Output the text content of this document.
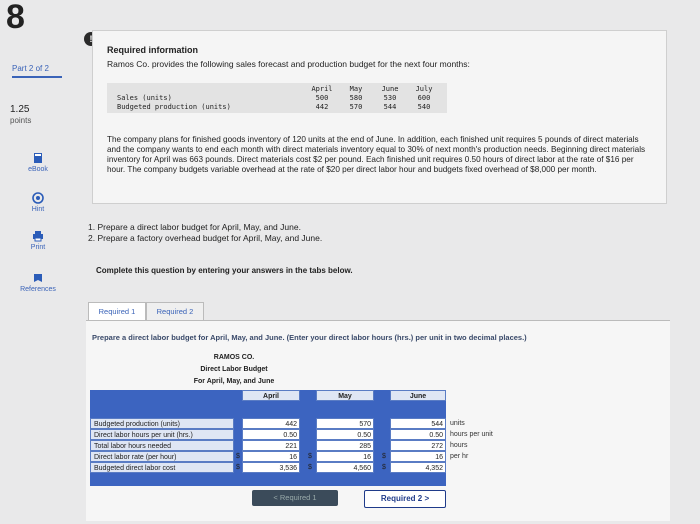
8
Part 2 of 2
1.25
points
eBook
Hint
Print
References
!
Required information
Ramos Co. provides the following sales forecast and production budget for the next four months:
April	May	June	July
Sales (units)	500	580	530	600
Budgeted production (units)	442	570	544	540
The company plans for finished goods inventory of 120 units at the end of June. In addition, each finished unit requires 5 pounds of direct materials and the company wants to end each month with direct materials inventory equal to 30% of next month's production needs. Beginning direct materials inventory for April was 663 pounds. Direct materials cost $2 per pound. Each finished unit requires 0.50 hours of direct labor at the rate of $16 per hour. The company budgets variable overhead at the rate of $20 per direct labor hour and budgets fixed overhead of $8,000 per month.
1. Prepare a direct labor budget for April, May, and June.
2. Prepare a factory overhead budget for April, May, and June.
Complete this question by entering your answers in the tabs below.
Required 1	Required 2
Prepare a direct labor budget for April, May, and June. (Enter your direct labor hours (hrs.) per unit in two decimal places.)
RAMOS CO.
Direct Labor Budget
For April, May, and June
April	May	June
Budgeted production (units)	442	570	544	units
Direct labor hours per unit (hrs.)	0.50	0.50	0.50	hours per unit
Total labor hours needed	221	285	272	hours
Direct labor rate (per hour)	$	16	$	16	$	16	per hr
Budgeted direct labor cost	$	3,536	$	4,560	$	4,352
< Required 1	Required 2 >
